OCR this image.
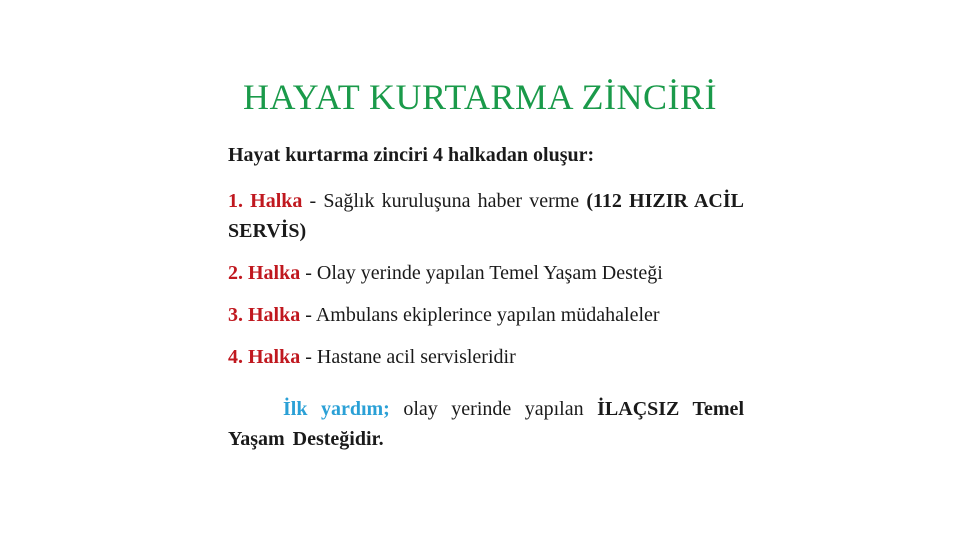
HAYAT KURTARMA ZİNCİRİ

Hayat kurtarma zinciri 4 halkadan oluşur:

1. Halka - Sağlık kuruluşuna haber verme (112 HIZIR ACİL SERVİS)

2. Halka - Olay yerinde yapılan Temel Yaşam Desteği

3. Halka - Ambulans ekiplerince yapılan müdahaleler

4. Halka - Hastane acil servisleridir

İlk yardım; olay yerinde yapılan İLAÇSIZ Temel Yaşam Desteğidir.
